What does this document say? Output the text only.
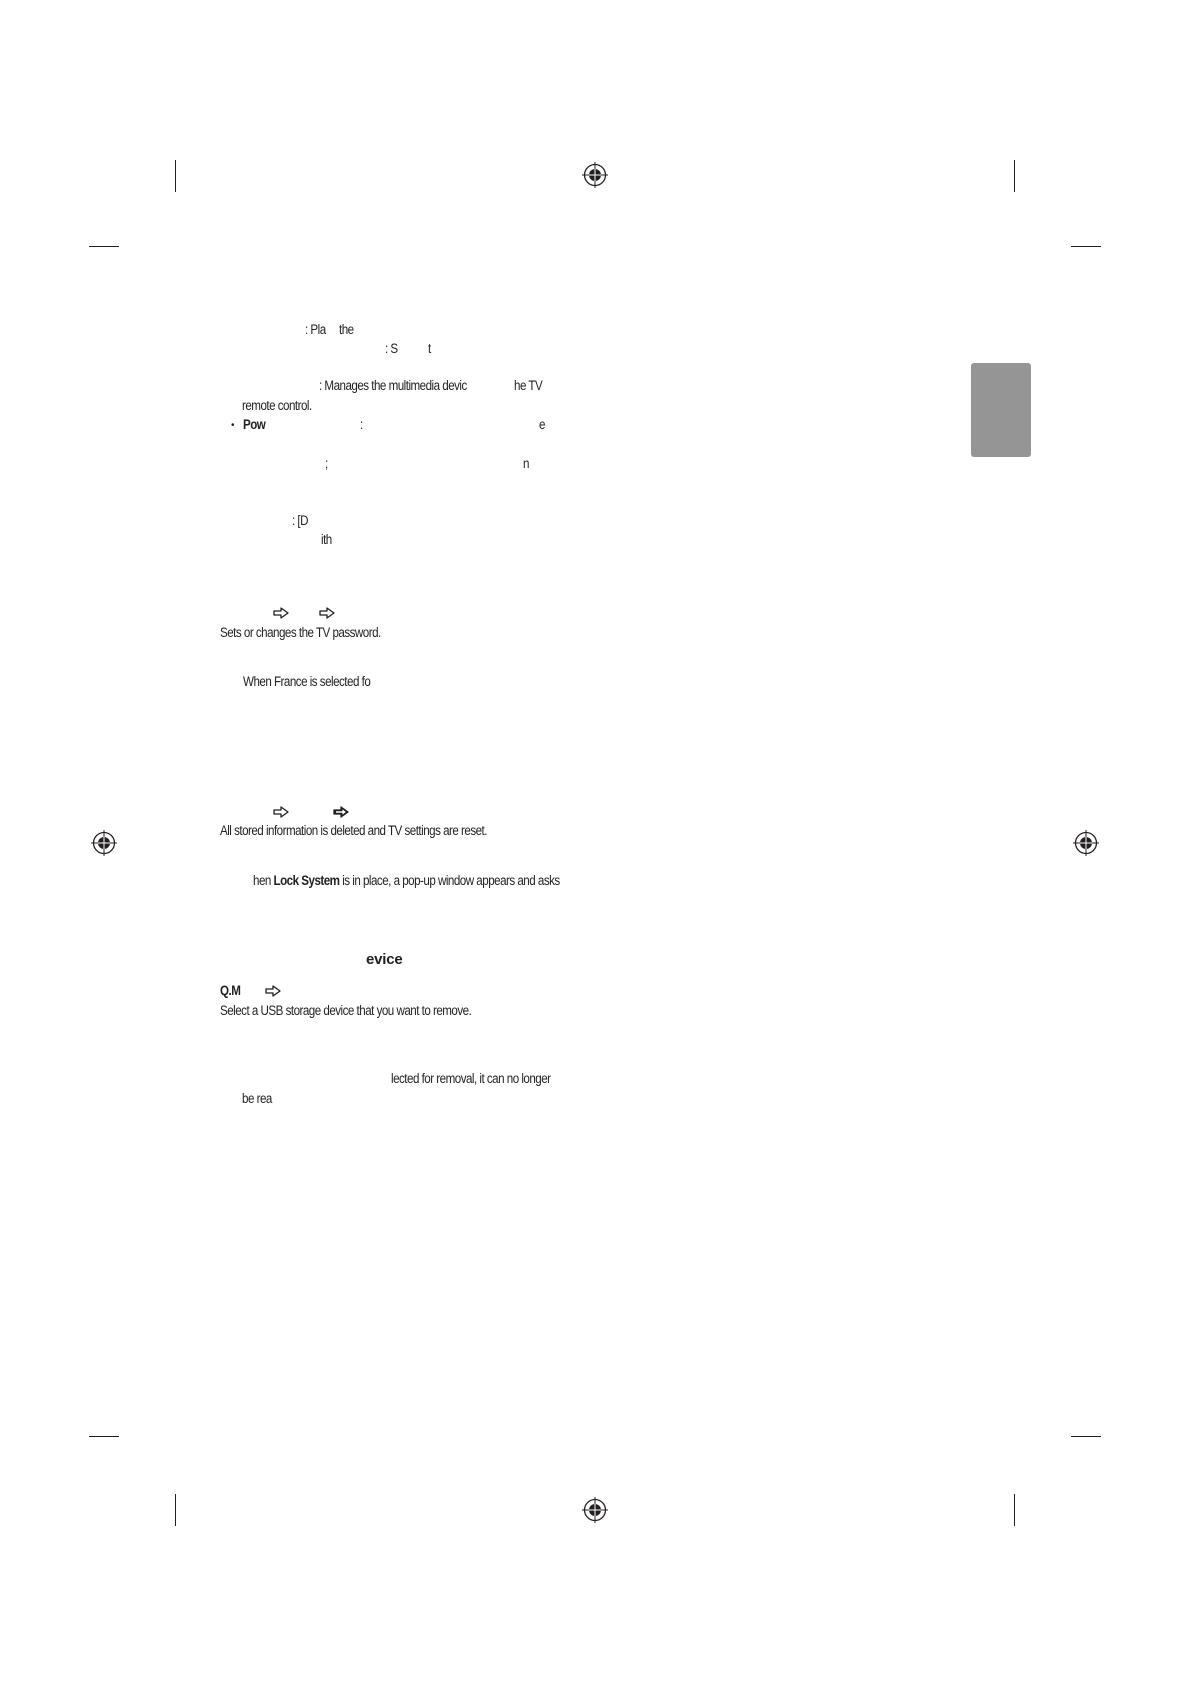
: Pla the
: S t
: Manages the multimedia devic	he TV
remote control.
• Pow	:	e
;	n
: [D
ith
Sets or changes the TV password.
When France is selected fo
All stored information is deleted and TV settings are reset.
hen Lock System is in place, a pop-up window appears and asks
evice
Q.M
Select a USB storage device that you want to remove.
lected for removal, it can no longer
be rea
